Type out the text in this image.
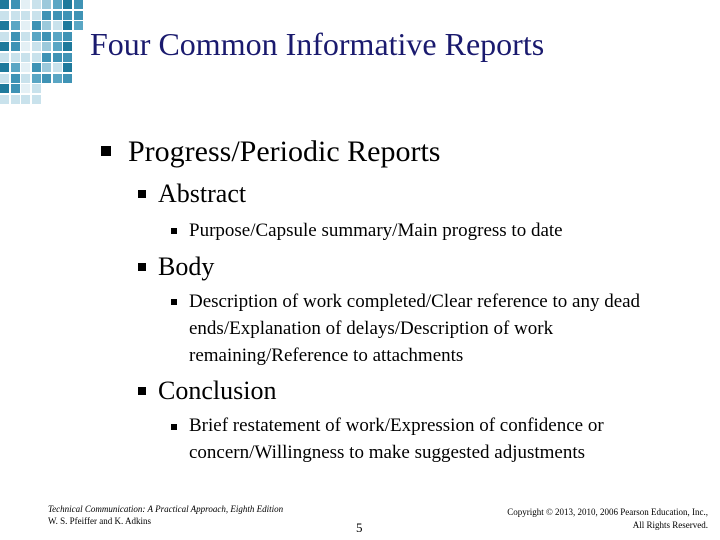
Four Common Informative Reports
Progress/Periodic Reports
Abstract
Purpose/Capsule summary/Main progress to date
Body
Description of work completed/Clear reference to any dead ends/Explanation of delays/Description of work remaining/Reference to attachments
Conclusion
Brief restatement of work/Expression of confidence or concern/Willingness to make suggested adjustments
Technical Communication: A Practical Approach, Eighth Edition
W. S. Pfeiffer and K. Adkins	5
Copyright © 2013, 2010, 2006 Pearson Education, Inc.,
All Rights Reserved.
